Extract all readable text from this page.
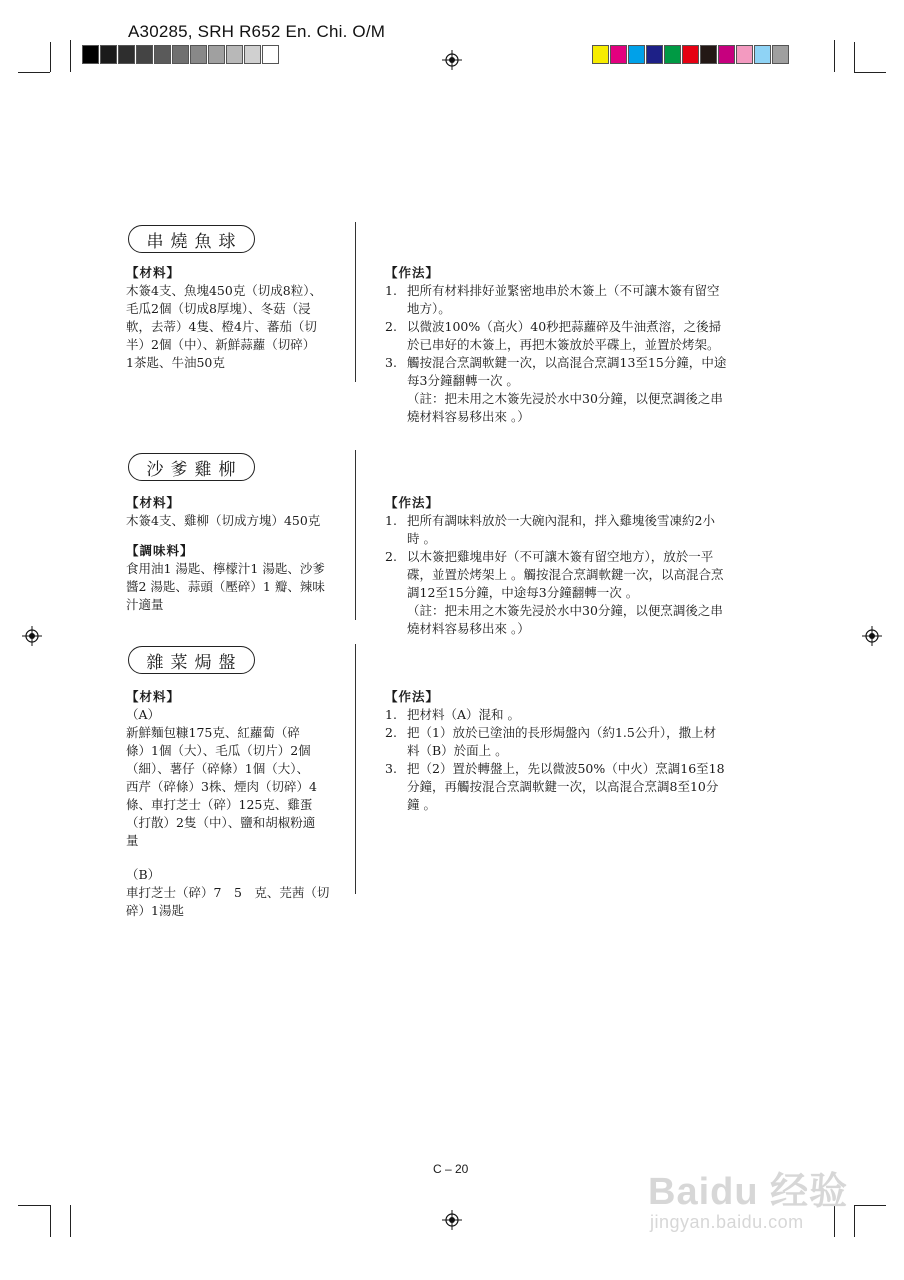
A30285, SRH R652 En. Chi. O/M
串燒魚球
【材料】
木簽4支、魚塊450克（切成8粒）、
毛瓜2個（切成8厚塊）、冬菇（浸
軟，去蒂）4隻、橙4片、蕃茄（切
半）2個（中）、新鮮蒜蘿（切碎）
1茶匙、牛油50克
【作法】
1. 把所有材料排好並緊密地串於木簽上（不可讓木簽有留空
地方）。
2. 以微波100%（高火）40秒把蒜蘿碎及牛油煮溶，之後掃
於已串好的木簽上，再把木簽放於平碟上，並置於烤架。
3. 觸按混合烹調軟鍵一次，以高混合烹調13至15分鐘，中途
每3分鐘翻轉一次 。
（註：把未用之木簽先浸於水中30分鐘，以便烹調後之串
燒材料容易移出來 。）
沙爹雞柳
【材料】
木簽4支、雞柳（切成方塊）450克
【調味料】
食用油1 湯匙、檸檬汁1 湯匙、沙爹
醬2 湯匙、蒜頭（壓碎）1 瓣、辣味
汁適量
【作法】
1. 把所有調味料放於一大碗內混和，拌入雞塊後雪凍約2小
時 。
2. 以木簽把雞塊串好（不可讓木簽有留空地方），放於一平
碟，並置於烤架上 。觸按混合烹調軟鍵一次，以高混合烹
調12至15分鐘，中途每3分鐘翻轉一次 。
（註：把未用之木簽先浸於水中30分鐘，以便烹調後之串
燒材料容易移出來 。）
雜菜焗盤
【材料】
（A）
新鮮麵包糠175克、紅蘿蔔（碎
條）1個（大）、毛瓜（切片）2個
（細）、薯仔（碎條）1個（大）、
西芹（碎條）3株、煙肉（切碎）4
條、車打芝士（碎）125克、雞蛋
（打散）2隻（中）、鹽和胡椒粉適
量
（B）
車打芝士（碎）7　5　克、芫茜（切
碎）1湯匙
【作法】
1. 把材料（A）混和 。
2. 把（1）放於已塗油的長形焗盤內（約1.5公升），撒上材
料（B）於面上 。
3. 把（2）置於轉盤上，先以微波50%（中火）烹調16至18
分鐘，再觸按混合烹調軟鍵一次，以高混合烹調8至10分
鐘 。
C – 20
Baidu 经验
jingyan.baidu.com
